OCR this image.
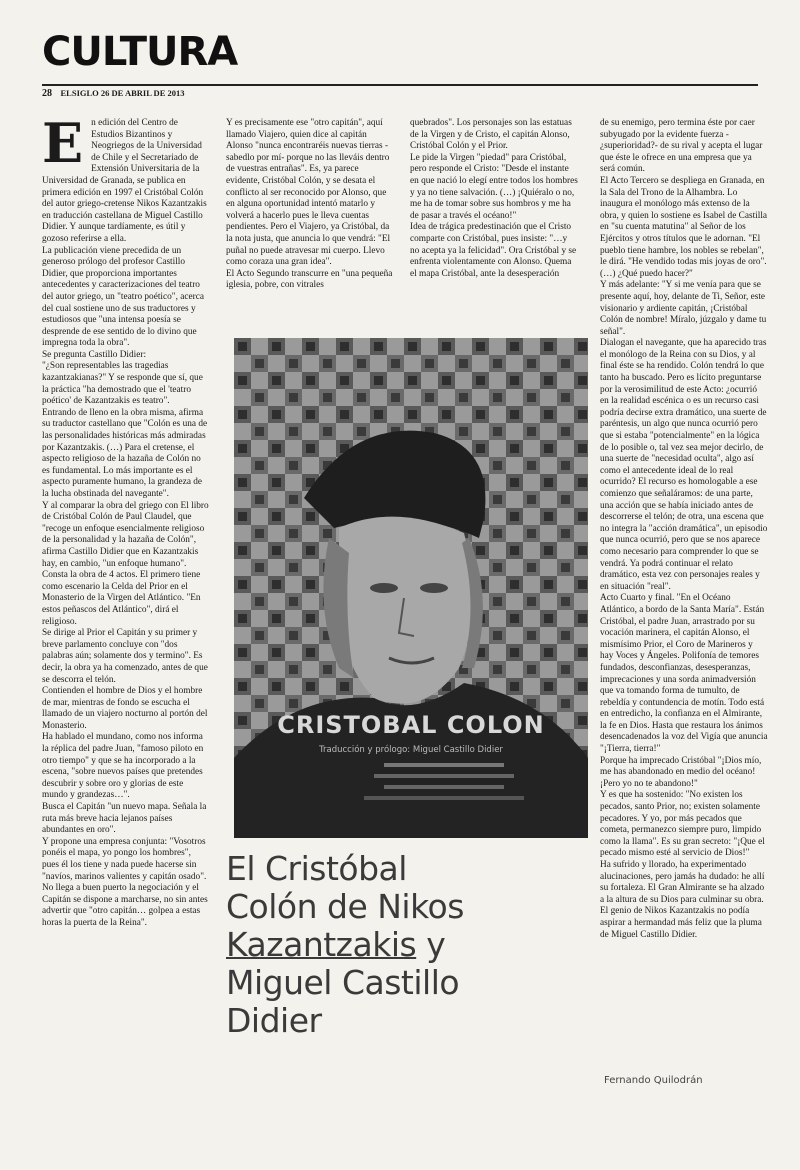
CULTURA
28 ELSIGLO 26 DE ABRIL DE 2013
E n edición del Centro de Estudios Bizantinos y Neogriegos de la Universidad de Chile y el Secretariado de Extensión Universitaria de la Universidad de Granada, se publica en primera edición en 1997 el Cristóbal Colón del autor griego-cretense Nikos Kazantzakis en traducción castellana de Miguel Castillo Didier. Y aunque tardíamente, es útil y gozoso referirse a ella.

La publicación viene precedida de un generoso prólogo del profesor Castillo Didier, que proporciona importantes antecedentes y caracterizaciones del teatro del autor griego, un "teatro poético", acerca del cual sostiene uno de sus traductores y estudiosos que "una intensa poesía se desprende de ese sentido de lo divino que impregna toda la obra".

Se pregunta Castillo Didier:

"¿Son representables las tragedias kazantzakianas?" Y se responde que sí, que la práctica "ha demostrado que el 'teatro poético' de Kazantzakis es teatro".

Entrando de lleno en la obra misma, afirma su traductor castellano que "Colón es una de las personalidades históricas más admiradas por Kazantzakis. (…) Para el cretense, el aspecto religioso de la hazaña de Colón no es fundamental. Lo más importante es el aspecto puramente humano, la grandeza de la lucha obstinada del navegante".

Y al comparar la obra del griego con El libro de Cristóbal Colón de Paul Claudel, que "recoge un enfoque esencialmente religioso de la personalidad y la hazaña de Colón", afirma Castillo Didier que en Kazantzakis hay, en cambio, "un enfoque humano".

Consta la obra de 4 actos. El primero tiene como escenario la Celda del Prior en el Monasterio de la Virgen del Atlántico. "En estos peñascos del Atlántico", dirá el religioso.

Se dirige al Prior el Capitán y su primer y breve parlamento concluye con "dos palabras aún; solamente dos y termino". Es decir, la obra ya ha comenzado, antes de que se descorra el telón.

Contienden el hombre de Dios y el hombre de mar, mientras de fondo se escucha el llamado de un viajero nocturno al portón del Monasterio.

Ha hablado el mundano, como nos informa la réplica del padre Juan, "famoso piloto en otro tiempo" y que se ha incorporado a la escena, "sobre nuevos países que pretendes descubrir y sobre oro y glorias de este mundo y grandezas…".

Busca el Capitán "un nuevo mapa. Señala la ruta más breve hacia lejanos países abundantes en oro".

Y propone una empresa conjunta: "Vosotros ponéis el mapa, yo pongo los hombres", pues él los tiene y nada puede hacerse sin "navíos, marinos valientes y capitán osado".

No llega a buen puerto la negociación y el Capitán se dispone a marcharse, no sin antes advertir que "otro capitán… golpea a estas horas la puerta de la Reina".

Y es precisamente ese "otro capitán", aquí llamado Viajero, quien dice al capitán Alonso "nunca encontraréis nuevas tierras - sabedlo por mí- porque no las lleváis dentro de vuestras entrañas". Es, ya parece evidente, Cristóbal Colón, y se desata el conflicto al ser reconocido por Alonso, que en alguna oportunidad intentó matarlo y volverá a hacerlo pues le lleva cuentas pendientes. Pero el Viajero, ya Cristóbal, da la nota justa, que anuncia lo que vendrá: "El puñal no puede atravesar mi cuerpo. Llevo como coraza una gran idea".

El Acto Segundo transcurre en "una pequeña iglesia, pobre, con vitrales

quebrados". Los personajes son las estatuas de la Virgen y de Cristo, el capitán Alonso, Cristóbal Colón y el Prior.

Le pide la Virgen "piedad" para Cristóbal, pero responde el Cristo: "Desde el instante en que nació lo elegí entre todos los hombres y ya no tiene salvación. (…) ¡Quiéralo o no, me ha de tomar sobre sus hombros y me ha de pasar a través el océano!"

Idea de trágica predestinación que el Cristo comparte con Cristóbal, pues insiste: "…y no acepta ya la felicidad". Ora Cristóbal y se enfrenta violentamente con Alonso. Quema el mapa Cristóbal, ante la desesperación

de su enemigo, pero termina éste por caer subyugado por la evidente fuerza -¿superioridad?- de su rival y acepta el lugar que éste le ofrece en una empresa que ya será común.

El Acto Tercero se despliega en Granada, en la Sala del Trono de la Alhambra. Lo inaugura el monólogo más extenso de la obra, y quien lo sostiene es Isabel de Castilla en "su cuenta matutina" al Señor de los Ejércitos y otros títulos que le adornan. "El pueblo tiene hambre, los nobles se rebelan", le dirá. "He vendido todas mis joyas de oro". (…) ¿Qué puedo hacer?"

Y más adelante: "Y si me venía para que se presente aquí, hoy, delante de Ti, Señor, este visionario y ardiente capitán, ¡Cristóbal Colón de nombre! Míralo, júzgalo y dame tu señal".

Dialogan el navegante, que ha aparecido tras el monólogo de la Reina con su Dios, y al final éste se ha rendido. Colón tendrá lo que tanto ha buscado. Pero es lícito preguntarse por la verosimilitud de este Acto: ¿ocurrió en la realidad escénica o es un recurso casi podría decirse extra dramático, una suerte de paréntesis, un algo que nunca ocurrió pero que si estaba "potencialmente" en la lógica de lo posible o, tal vez sea mejor decirlo, de una suerte de "necesidad oculta", algo así como el antecedente ideal de lo real ocurrido? El recurso es homologable a ese comienzo que señaláramos: de una parte, una acción que se había iniciado antes de descorrerse el telón; de otra, una escena que no integra la "acción dramática", un episodio que nunca ocurrió, pero que se nos aparece como necesario para comprender lo que se vendrá. Ya podrá continuar el relato dramático, esta vez con personajes reales y en situación "real".

Acto Cuarto y final. "En el Océano Atlántico, a bordo de la Santa María". Están Cristóbal, el padre Juan, arrastrado por su vocación marinera, el capitán Alonso, el mismísimo Prior, el Coro de Marineros y hay Voces y Ángeles. Polifonía de temores fundados, desconfianzas, desesperanzas, imprecaciones y una sorda animadversión que va tomando forma de tumulto, de rebeldía y contundencia de motín. Todo está en entredicho, la confianza en el Almirante, la fe en Dios. Hasta que restaura los ánimos desencadenados la voz del Vigía que anuncia "¡Tierra, tierra!"

Porque ha imprecado Cristóbal "¡Dios mío, me has abandonado en medio del océano! ¡Pero yo no te abandono!"

Y es que ha sostenido: "No existen los pecados, santo Prior, no; existen solamente pecadores. Y yo, por más pecados que cometa, permanezco siempre puro, limpido como la llama". Es su gran secreto: "¡Que el pecado mismo esté al servicio de Dios!"

Ha sufrido y llorado, ha experimentado alucinaciones, pero jamás ha dudado: he allí su fortaleza. El Gran Almirante se ha alzado a la altura de su Dios para culminar su obra.

El genio de Nikos Kazantzakis no podía aspirar a hermandad más feliz que la pluma de Miguel Castillo Didier.

CRISTOBAL COLON
Traducción y prólogo: Miguel Castillo Didier
El Cristóbal
Colón de Nikos
Kazantzakis y
Miguel Castillo
Didier
Fernando Quilodrán
